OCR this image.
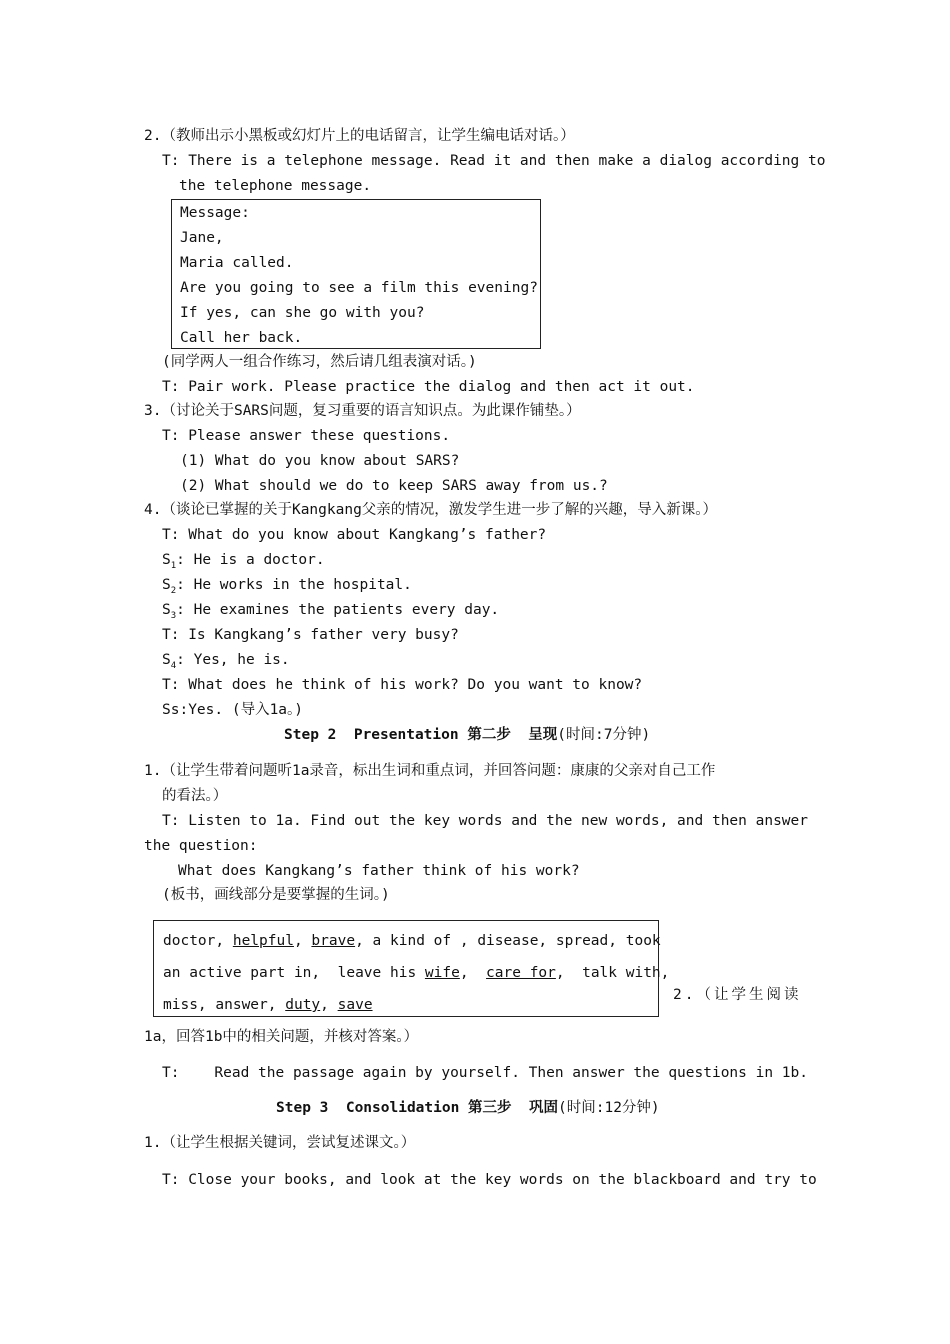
2.（教师出示小黑板或幻灯片上的电话留言，让学生编电话对话。）
T: There is a telephone message. Read it and then make a dialog according to
the telephone message.
Message:
Jane,
Maria called.
Are you going to see a film this evening?
If yes, can she go with you?
Call her back.
(同学两人一组合作练习，然后请几组表演对话。)
T: Pair work. Please practice the dialog and then act it out.
3.（讨论关于SARS问题，复习重要的语言知识点。为此课作铺垫。）
T: Please answer these questions.
(1) What do you know about SARS?
(2) What should we do to keep SARS away from us.?
4.（谈论已掌握的关于Kangkang父亲的情况，激发学生进一步了解的兴趣，导入新课。）
T: What do you know about Kangkang’s father?
$S_1$: He is a doctor.
$S_2$: He works in the hospital.
$S_3$: He examines the patients every day.
T: Is Kangkang’s father very busy?
$S_4$: Yes, he is.
T: What does he think of his work? Do you want to know?
Ss:Yes. (导入1a。)
Step 2  Presentation 第二步  呈现(时间:7分钟)
1.（让学生带着问题听1a录音，标出生词和重点词，并回答问题：康康的父亲对自己工作
的看法。）
T: Listen to 1a. Find out the key words and the new words, and then answer
the question:
What does Kangkang’s father think of his work?
(板书，画线部分是要掌握的生词。)
doctor, helpful, brave, a kind of , disease, spread, took
an active part in, leave his wife,  care for,  talk with,
miss, answer, duty, save
2.（让学生阅读
1a，回答1b中的相关问题，并核对答案。）
T:    Read the passage again by yourself. Then answer the questions in 1b.
Step 3  Consolidation 第三步  巩固(时间:12分钟)
1.（让学生根据关键词，尝试复述课文。）
T: Close your books, and look at the key words on the blackboard and try to
